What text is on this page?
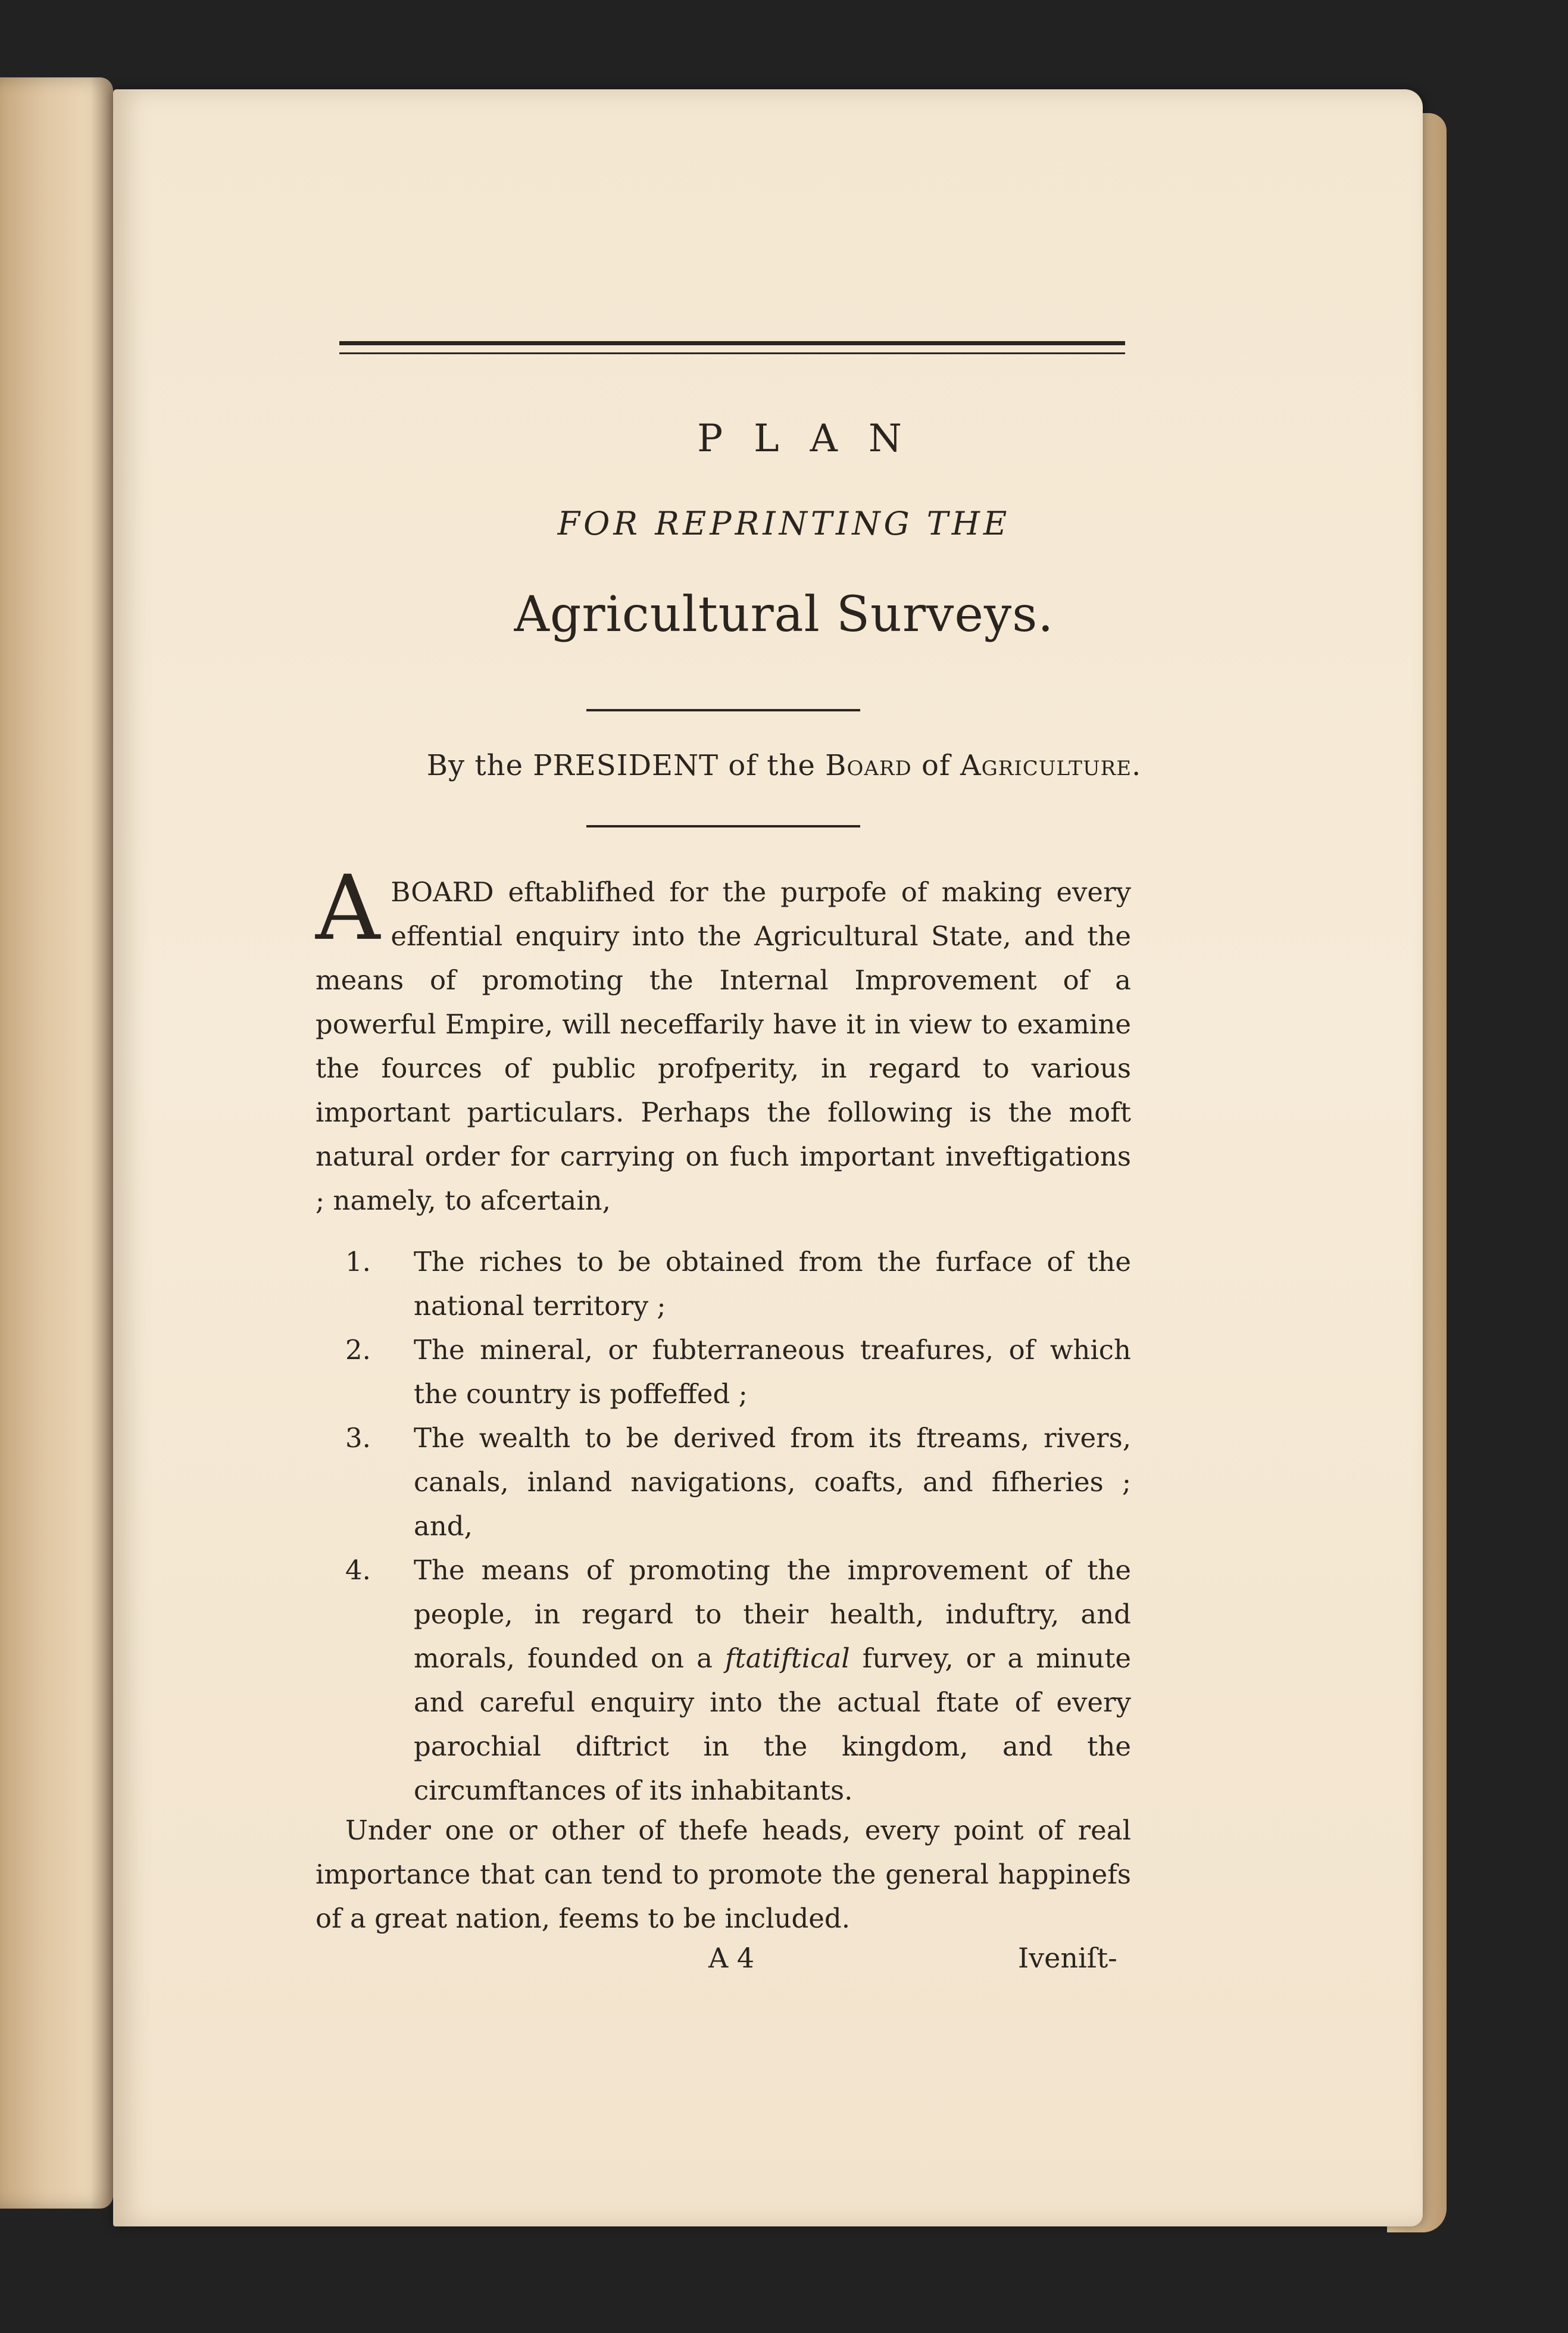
PLAN
FOR REPRINTING THE
Agricultural Surveys.
By the PRESIDENT of the Board of Agriculture.

A BOARD eftablifhed for the purpofe of making every effential enquiry into the Agricultural State, and the means of promoting the Internal Improvement of a powerful Empire, will neceffarily have it in view to examine the fources of public profperity, in regard to various important particulars. Perhaps the following is the moft natural order for carrying on fuch important inveftigations ; namely, to afcertain,

1. The riches to be obtained from the furface of the national territory ;
2. The mineral, or fubterraneous treafures, of which the country is poffeffed ;
3. The wealth to be derived from its ftreams, rivers, canals, inland navigations, coafts, and fifheries ; and,
4. The means of promoting the improvement of the people, in regard to their health, induftry, and morals, founded on a ftatiftical furvey, or a minute and careful enquiry into the actual ftate of every parochial diftrict in the kingdom, and the circumftances of its inhabitants.

Under one or other of thefe heads, every point of real importance that can tend to promote the general happinefs of a great nation, feems to be included.

A 4	Iveniſt-
